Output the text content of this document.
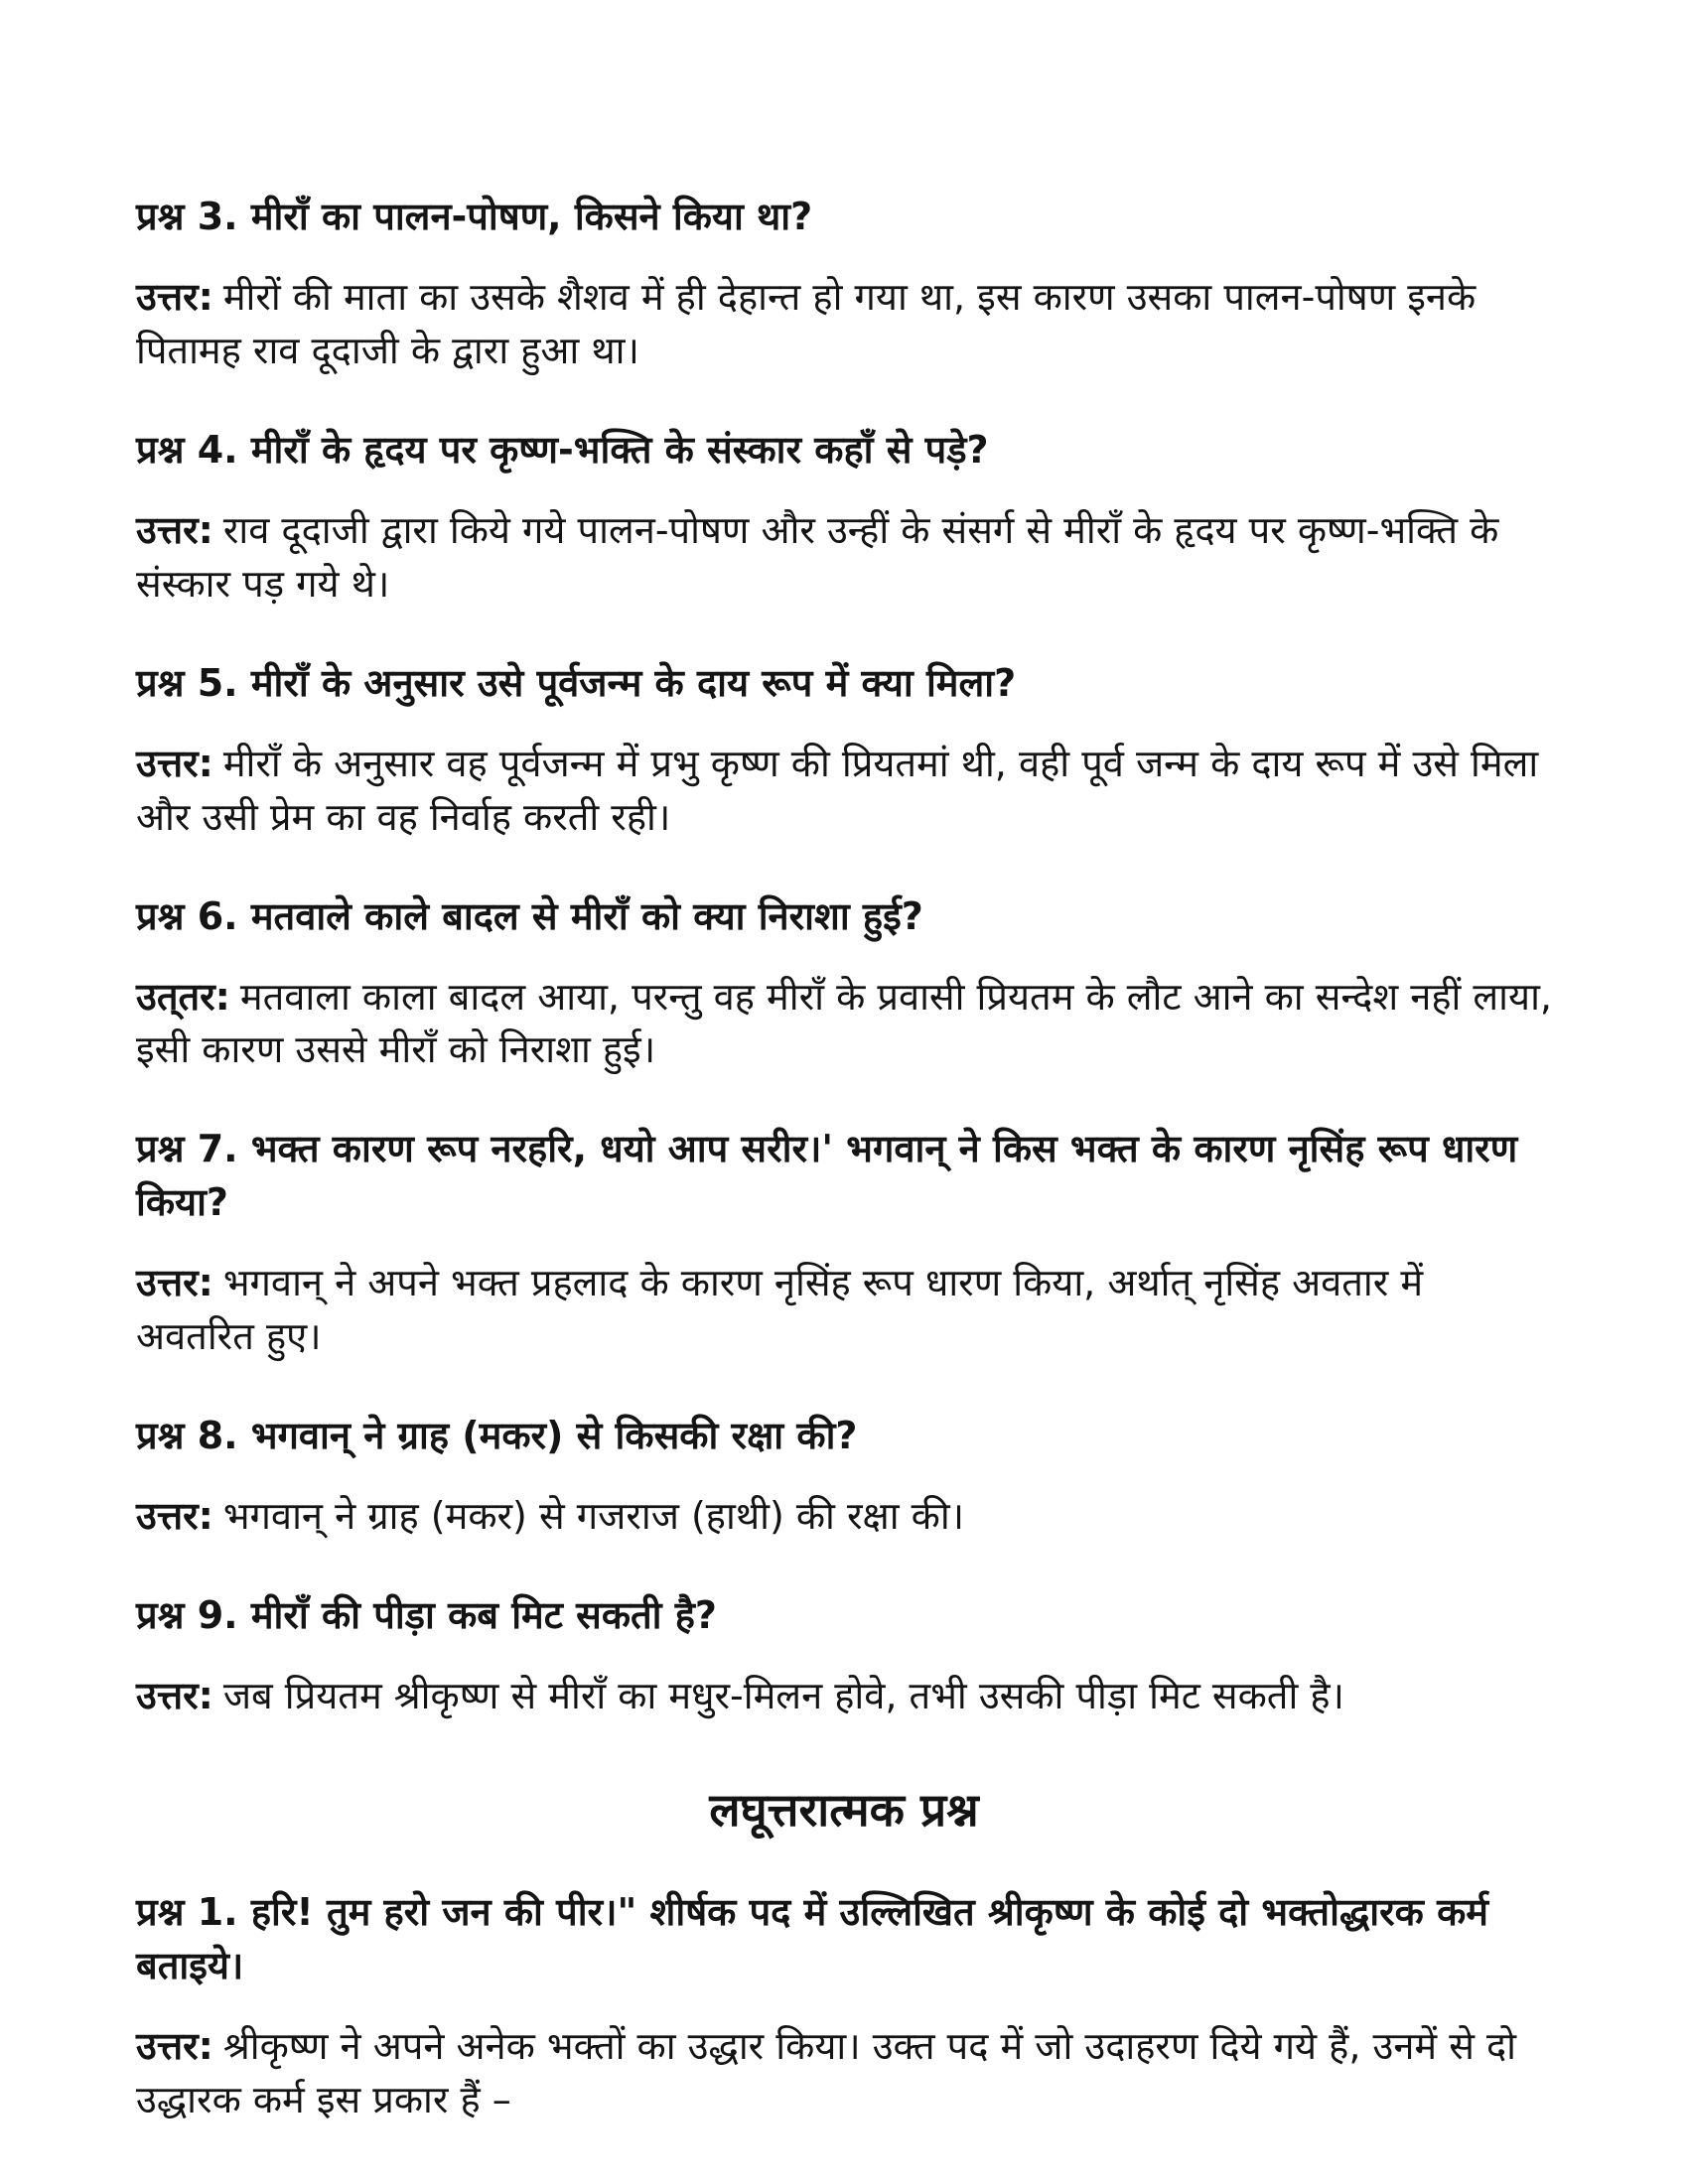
प्रश्न 3. मीराँ का पालन-पोषण, किसने किया था?

उत्तर: मीरों की माता का उसके शैशव में ही देहान्त हो गया था, इस कारण उसका पालन-पोषण इनके पितामह राव दूदाजी के द्वारा हुआ था।

प्रश्न 4. मीराँ के हृदय पर कृष्ण-भक्ति के संस्कार कहाँ से पड़े?

उत्तर: राव दूदाजी द्वारा किये गये पालन-पोषण और उन्हीं के संसर्ग से मीराँ के हृदय पर कृष्ण-भक्ति के संस्कार पड़ गये थे।

प्रश्न 5. मीराँ के अनुसार उसे पूर्वजन्म के दाय रूप में क्या मिला?

उत्तर: मीराँ के अनुसार वह पूर्वजन्म में प्रभु कृष्ण की प्रियतमां थी, वही पूर्व जन्म के दाय रूप में उसे मिला और उसी प्रेम का वह निर्वाह करती रही।

प्रश्न 6. मतवाले काले बादल से मीराँ को क्या निराशा हुई?

उत्‌तर: मतवाला काला बादल आया, परन्तु वह मीराँ के प्रवासी प्रियतम के लौट आने का सन्देश नहीं लाया, इसी कारण उससे मीराँ को निराशा हुई।

प्रश्न 7. भक्त कारण रूप नरहरि, धयो आप सरीर।' भगवान् ने किस भक्त के कारण नृसिंह रूप धारण किया?

उत्तर: भगवान् ने अपने भक्त प्रहलाद के कारण नृसिंह रूप धारण किया, अर्थात् नृसिंह अवतार में अवतरित हुए।

प्रश्न 8. भगवान् ने ग्राह (मकर) से किसकी रक्षा की?

उत्तर: भगवान् ने ग्राह (मकर) से गजराज (हाथी) की रक्षा की।

प्रश्न 9. मीराँ की पीड़ा कब मिट सकती है?

उत्तर: जब प्रियतम श्रीकृष्ण से मीराँ का मधुर-मिलन होवे, तभी उसकी पीड़ा मिट सकती है।

लघूत्तरात्मक प्रश्न

प्रश्न 1. हरि! तुम हरो जन की पीर।" शीर्षक पद में उल्लिखित श्रीकृष्ण के कोई दो भक्तोद्धारक कर्म बताइये।

उत्तर: श्रीकृष्ण ने अपने अनेक भक्तों का उद्धार किया। उक्त पद में जो उदाहरण दिये गये हैं, उनमें से दो उद्धारक कर्म इस प्रकार हैं –
